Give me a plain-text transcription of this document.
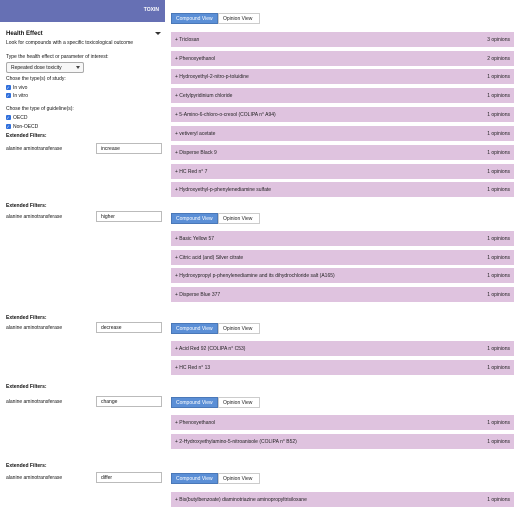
TOXIN
Health Effect
Look for compounds with a specific toxicological outcome
Type the health effect or parameter of interest:
Repeated dose toxicity
Chose the type(s) of study:
✓
In vivo
✓
In vitro
Chose the type of guideline(s):
✓
OECD
✓
Non-OECD
Extended Filters:
alanine aminotransferase	increase
Compound View Opinion View
+ Triclosan	3 opinions
+ Phenoxyethanol	2 opinions
+ Hydroxyethyl-2-nitro-p-toluidine	1 opinions
+ Cetylpyridinium chloride	1 opinions
+ 5-Amino-6-chloro-o-cresol (COLIPA n° A94)	1 opinions
+ vetiveryl acetate	1 opinions
+ Disperse Black 9	1 opinions
+ HC Red n° 7	1 opinions
+ Hydroxyethyl-p-phenylenediamine sulfate	1 opinions
Extended Filters:
alanine aminotransferase	higher	Compound View Opinion View
+ Basic Yellow 57	1 opinions
+ Citric acid (and) Silver citrate	1 opinions
+ Hydroxypropyl p-phenylenediamine and its dihydrochloride salt (A165)	1 opinions
+ Disperse Blue 377	1 opinions
Extended Filters:
alanine aminotransferase	decrease	Compound View Opinion View
+ Acid Red 92 (COLIPA n° C53)	1 opinions
+ HC Red n° 13	1 opinions
Extended Filters:
alanine aminotransferase	change	Compound View Opinion View
+ Phenoxyethanol	1 opinions
+ 2-Hydroxyethylamino-5-nitroanisole (COLIPA n° B52)	1 opinions
Extended Filters:
alanine aminotransferase	differ	Compound View Opinion View
+ Bis(butylbenzoate) diaminotriazine aminopropyltrisiloxane	1 opinions
